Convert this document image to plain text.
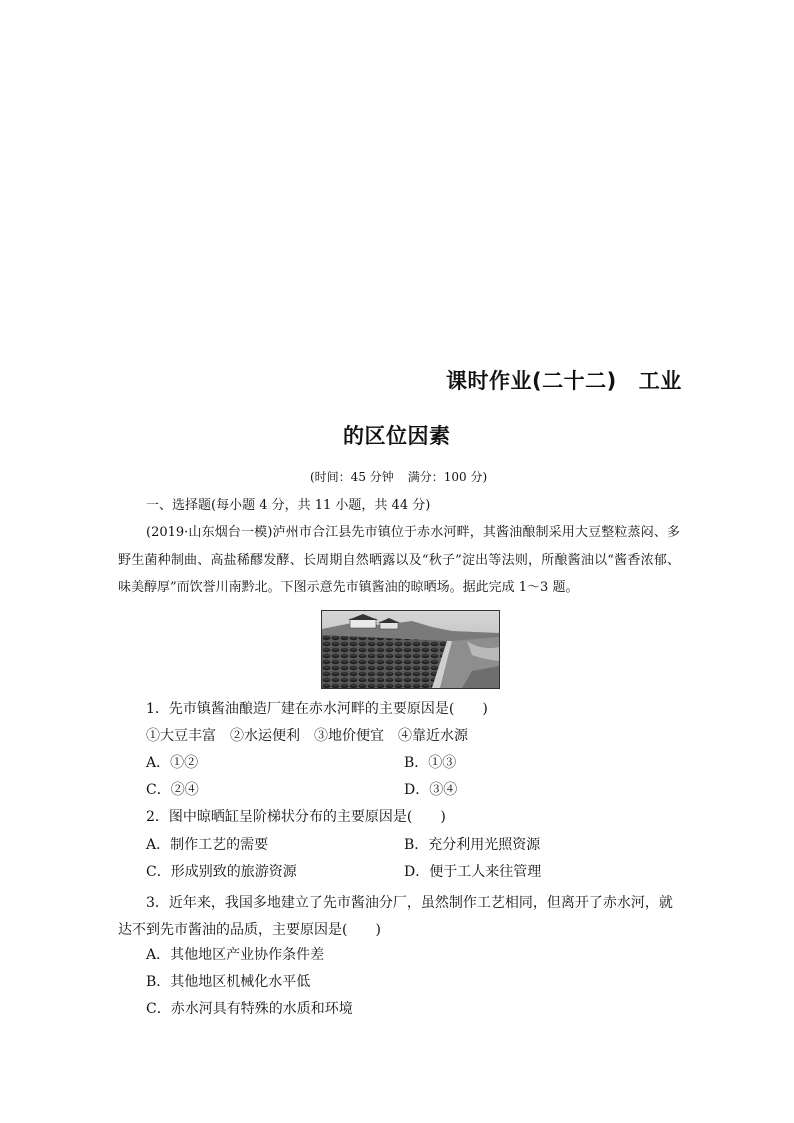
课时作业(二十二) 工业
的区位因素
(时间：45 分钟 满分：100 分)
一、选择题(每小题 4 分，共 11 小题，共 44 分)
(2019·山东烟台一模)泸州市合江县先市镇位于赤水河畔，其酱油酿制采用大豆整粒蒸闷、多野生菌种制曲、高盐稀醪发酵、长周期自然晒露以及“秋子”淀出等法则，所酿酱油以“酱香浓郁、味美醇厚”而饮誉川南黔北。下图示意先市镇酱油的晾晒场。据此完成 1～3 题。
1．先市镇酱油酿造厂建在赤水河畔的主要原因是(　　)
①大豆丰富 ②水运便利 ③地价便宜 ④靠近水源
A．①②	B．①③
C．②④	D．③④
2．图中晾晒缸呈阶梯状分布的主要原因是(　　)
A．制作工艺的需要	B．充分利用光照资源
C．形成别致的旅游资源	D．便于工人来往管理
3．近年来，我国多地建立了先市酱油分厂，虽然制作工艺相同，但离开了赤水河，就达不到先市酱油的品质，主要原因是(　　)
A．其他地区产业协作条件差
B．其他地区机械化水平低
C．赤水河具有特殊的水质和环境
